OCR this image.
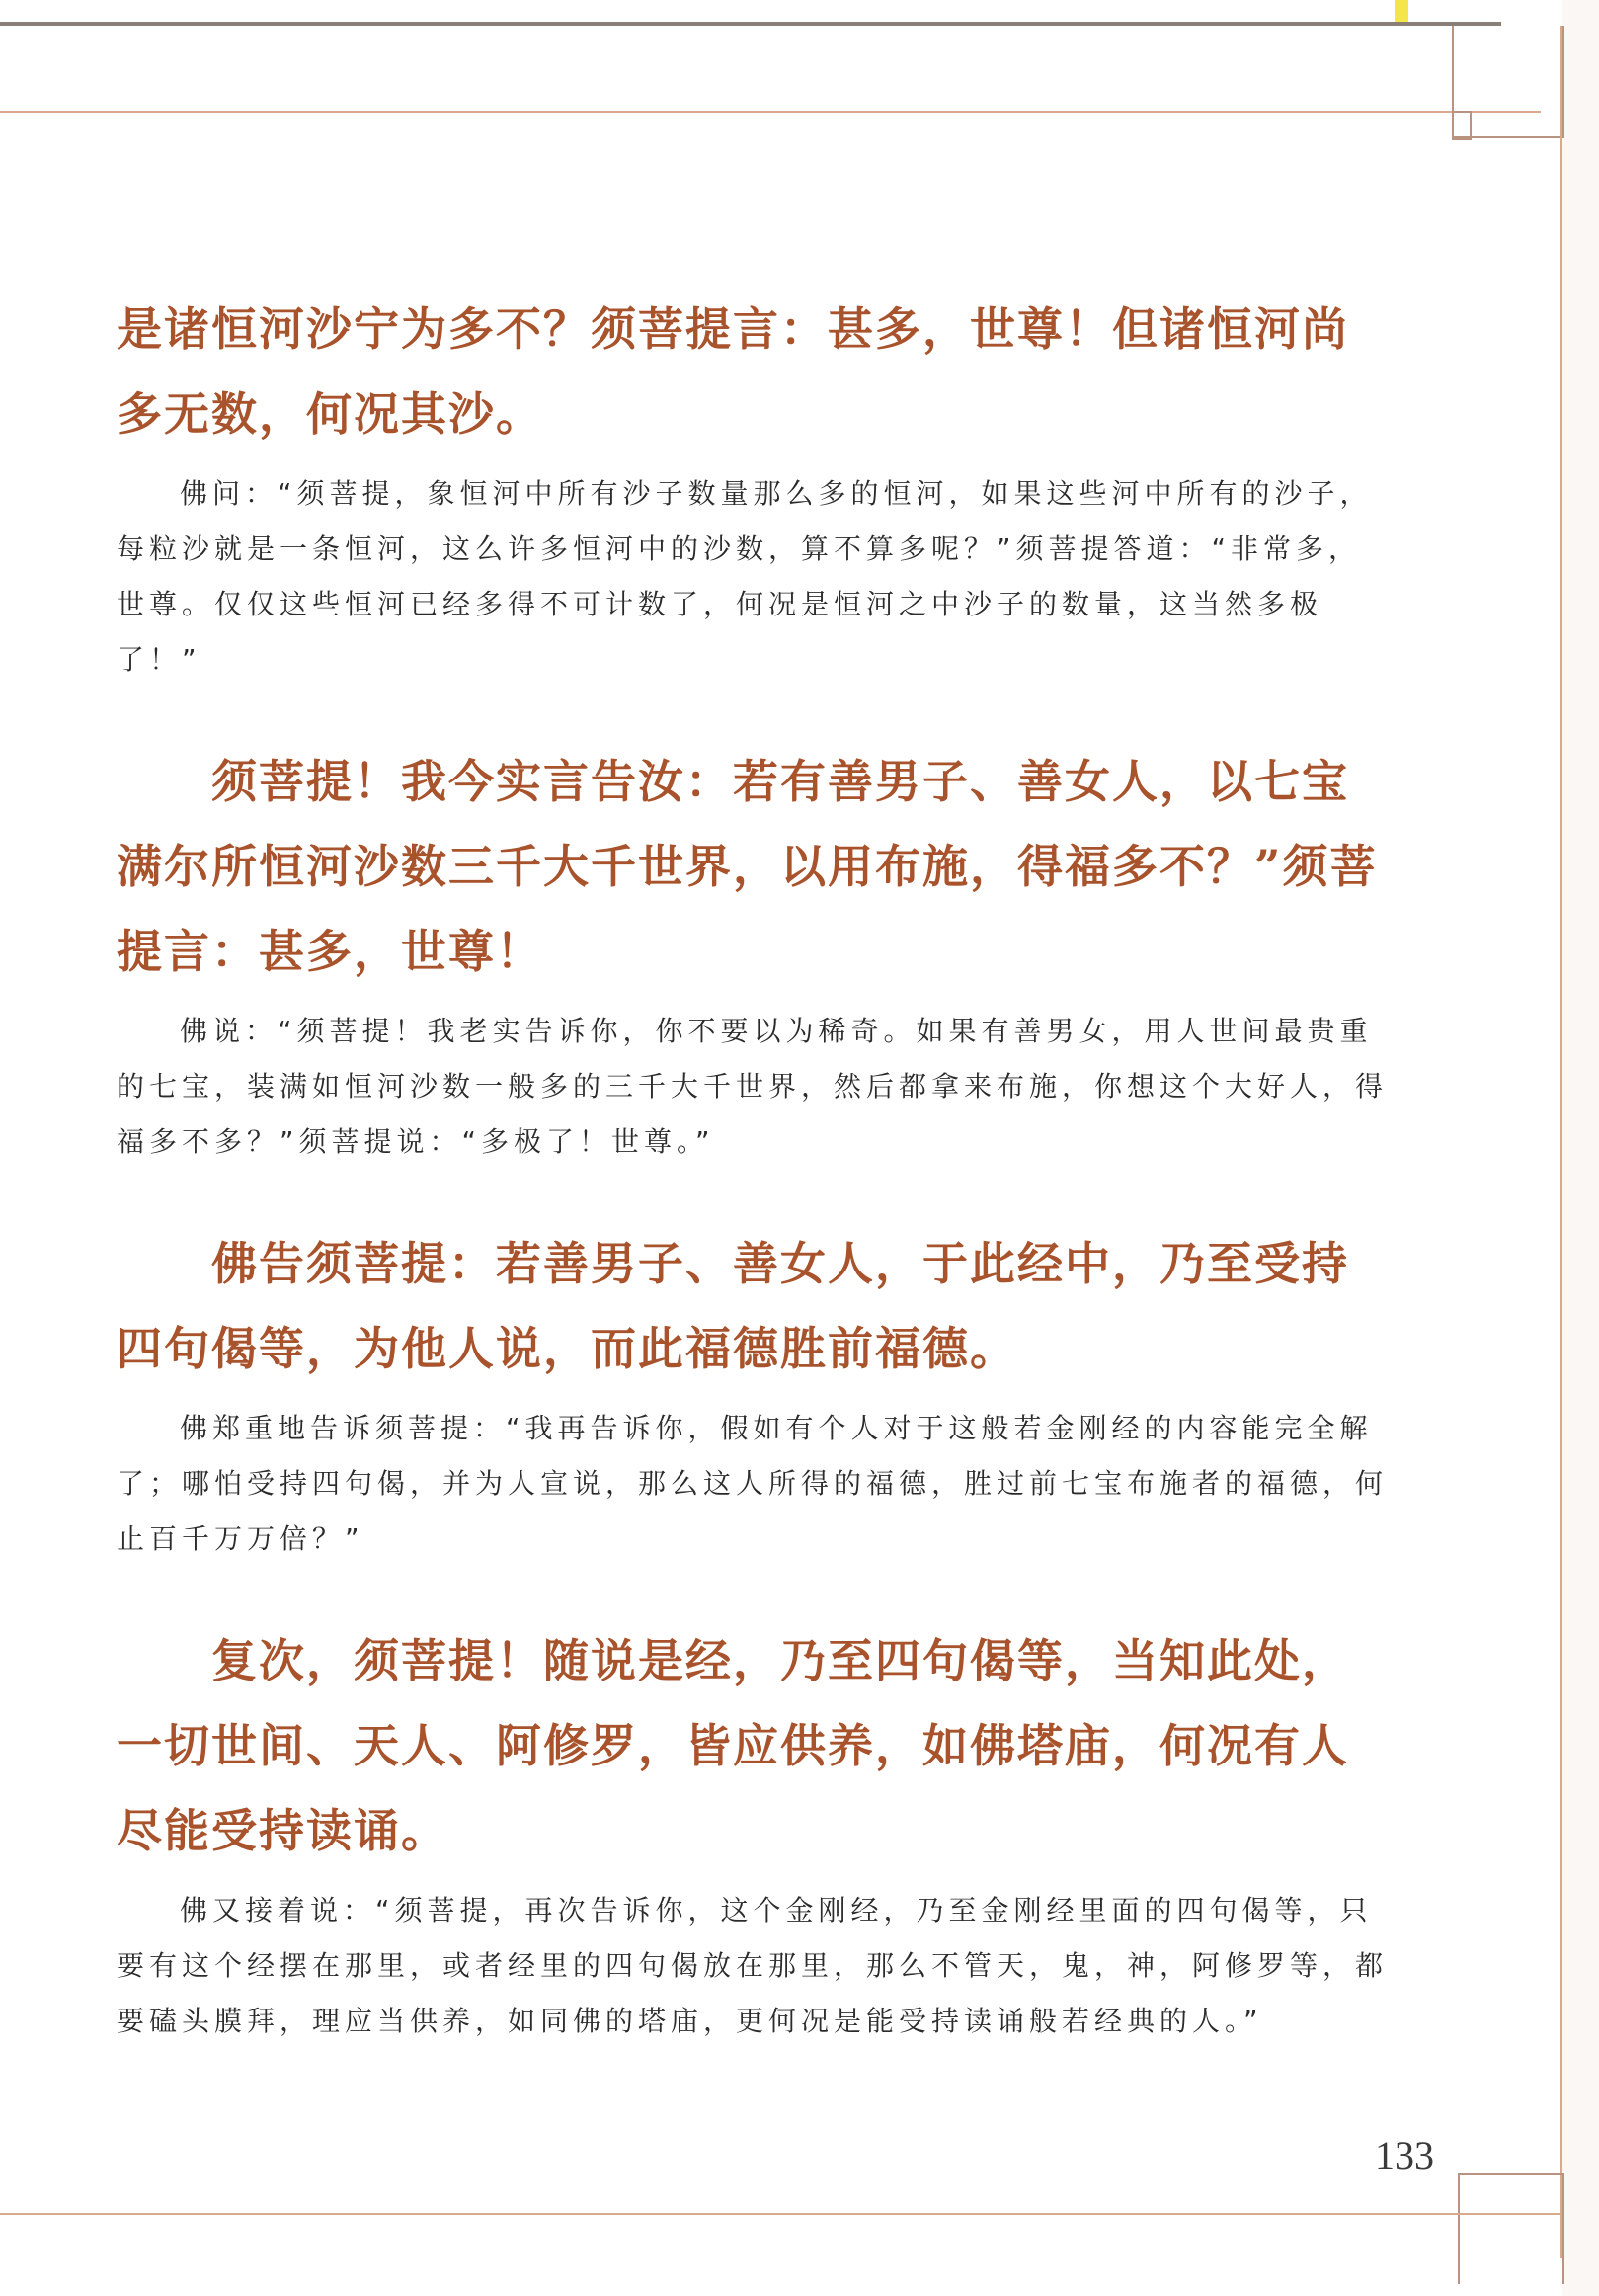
是诸恒河沙宁为多不？须菩提言：甚多，世尊！但诸恒河尚多无数，何况其沙。

佛问：“须菩提，象恒河中所有沙子数量那么多的恒河，如果这些河中所有的沙子，每粒沙就是一条恒河，这么许多恒河中的沙数，算不算多呢？”须菩提答道：“非常多，世尊。仅仅这些恒河已经多得不可计数了，何况是恒河之中沙子的数量，这当然多极了！”

须菩提！我今实言告汝：若有善男子、善女人，以七宝满尔所恒河沙数三千大千世界，以用布施，得福多不？”须菩提言：甚多，世尊！

佛说：“须菩提！我老实告诉你，你不要以为稀奇。如果有善男女，用人世间最贵重的七宝，装满如恒河沙数一般多的三千大千世界，然后都拿来布施，你想这个大好人，得福多不多？”须菩提说：“多极了！世尊。”

佛告须菩提：若善男子、善女人，于此经中，乃至受持四句偈等，为他人说，而此福德胜前福德。

佛郑重地告诉须菩提：“我再告诉你，假如有个人对于这般若金刚经的内容能完全解了；哪怕受持四句偈，并为人宣说，那么这人所得的福德，胜过前七宝布施者的福德，何止百千万万倍？”

复次，须菩提！随说是经，乃至四句偈等，当知此处，一切世间、天人、阿修罗，皆应供养，如佛塔庙，何况有人尽能受持读诵。

佛又接着说：“须菩提，再次告诉你，这个金刚经，乃至金刚经里面的四句偈等，只要有这个经摆在那里，或者经里的四句偈放在那里，那么不管天，鬼，神，阿修罗等，都要磕头膜拜，理应当供养，如同佛的塔庙，更何况是能受持读诵般若经典的人。”

133
